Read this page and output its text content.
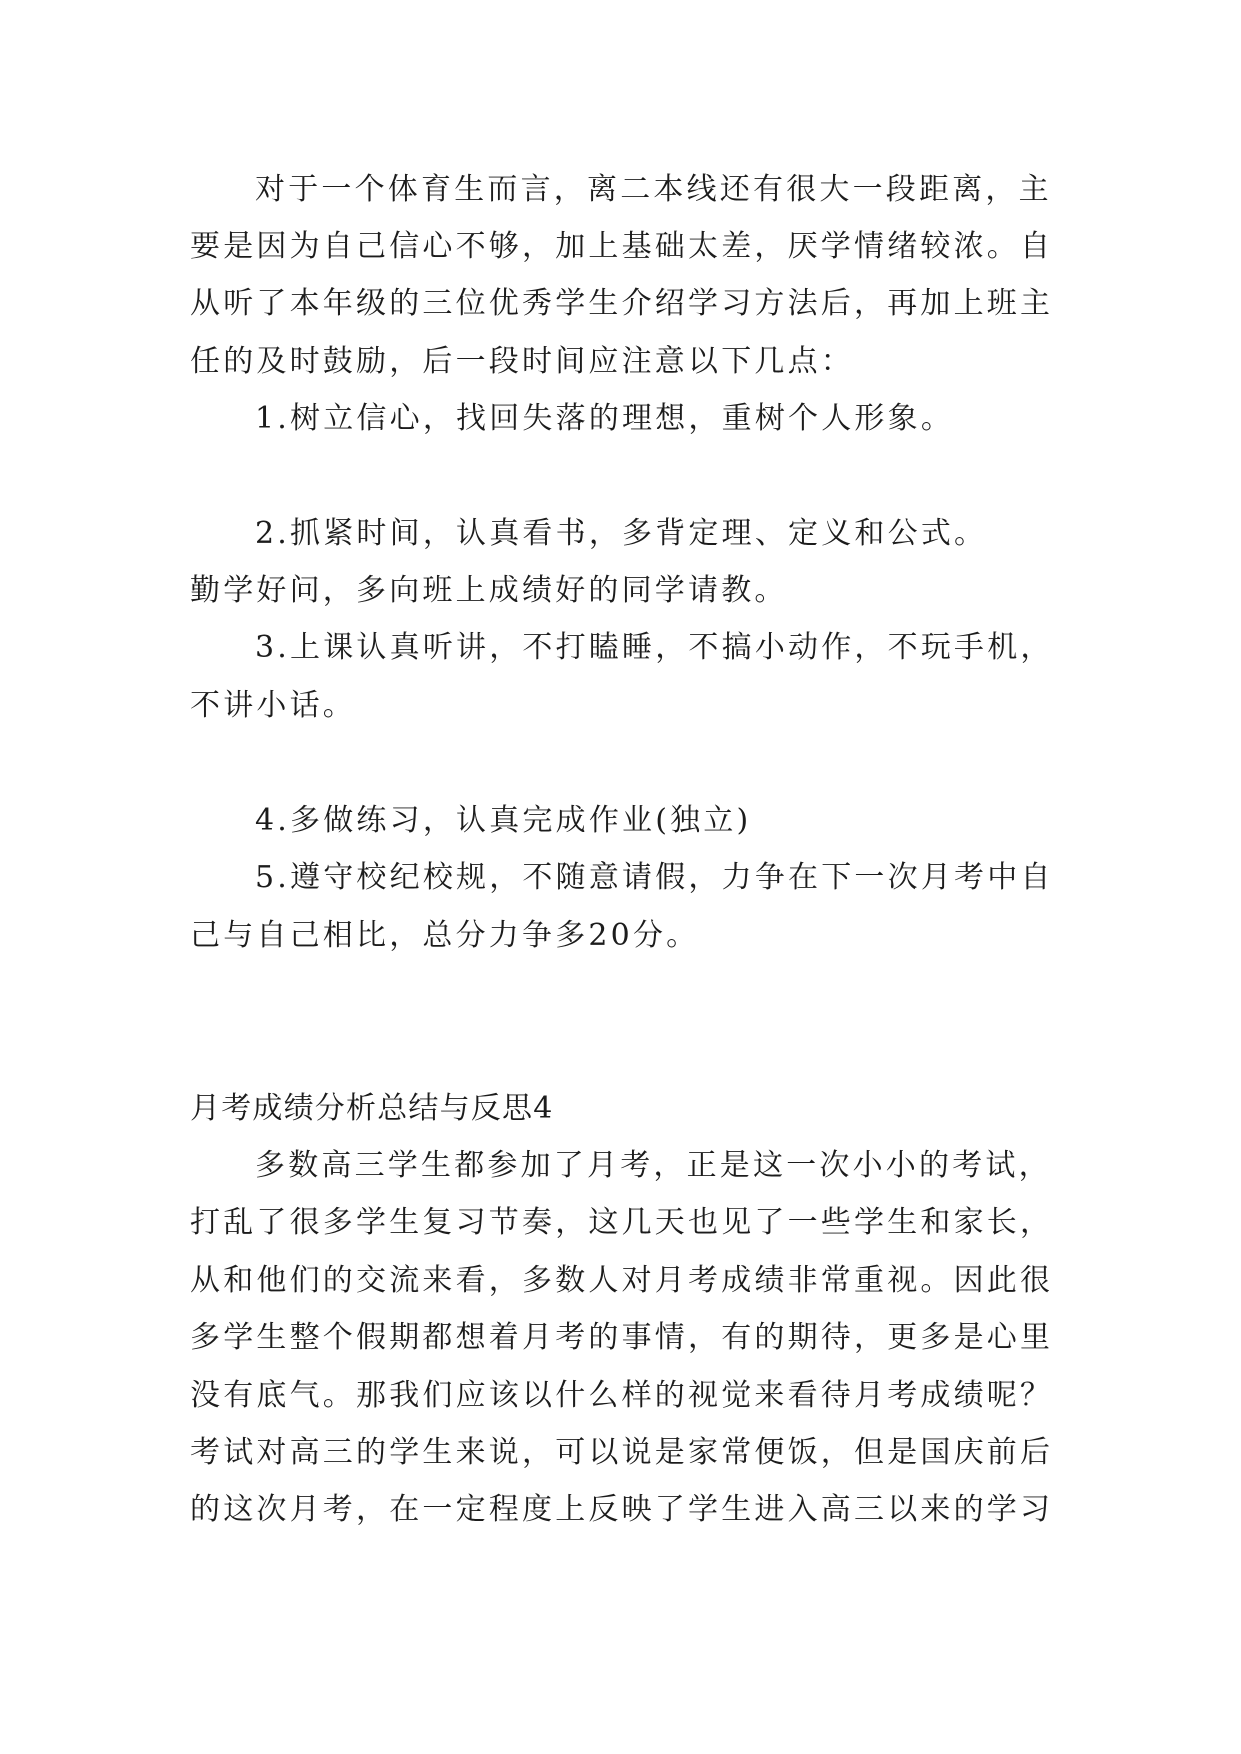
对于一个体育生而言，离二本线还有很大一段距离，主
要是因为自己信心不够，加上基础太差，厌学情绪较浓。自
从听了本年级的三位优秀学生介绍学习方法后，再加上班主
任的及时鼓励，后一段时间应注意以下几点：
1.树立信心，找回失落的理想，重树个人形象。
2.抓紧时间，认真看书，多背定理、定义和公式。
勤学好问，多向班上成绩好的同学请教。
3.上课认真听讲，不打瞌睡，不搞小动作，不玩手机，
不讲小话。
4.多做练习，认真完成作业(独立)
5.遵守校纪校规，不随意请假，力争在下一次月考中自
己与自己相比，总分力争多20分。
月考成绩分析总结与反思4
多数高三学生都参加了月考，正是这一次小小的考试，
打乱了很多学生复习节奏，这几天也见了一些学生和家长，
从和他们的交流来看，多数人对月考成绩非常重视。因此很
多学生整个假期都想着月考的事情，有的期待，更多是心里
没有底气。那我们应该以什么样的视觉来看待月考成绩呢？
考试对高三的学生来说，可以说是家常便饭，但是国庆前后
的这次月考，在一定程度上反映了学生进入高三以来的学习
